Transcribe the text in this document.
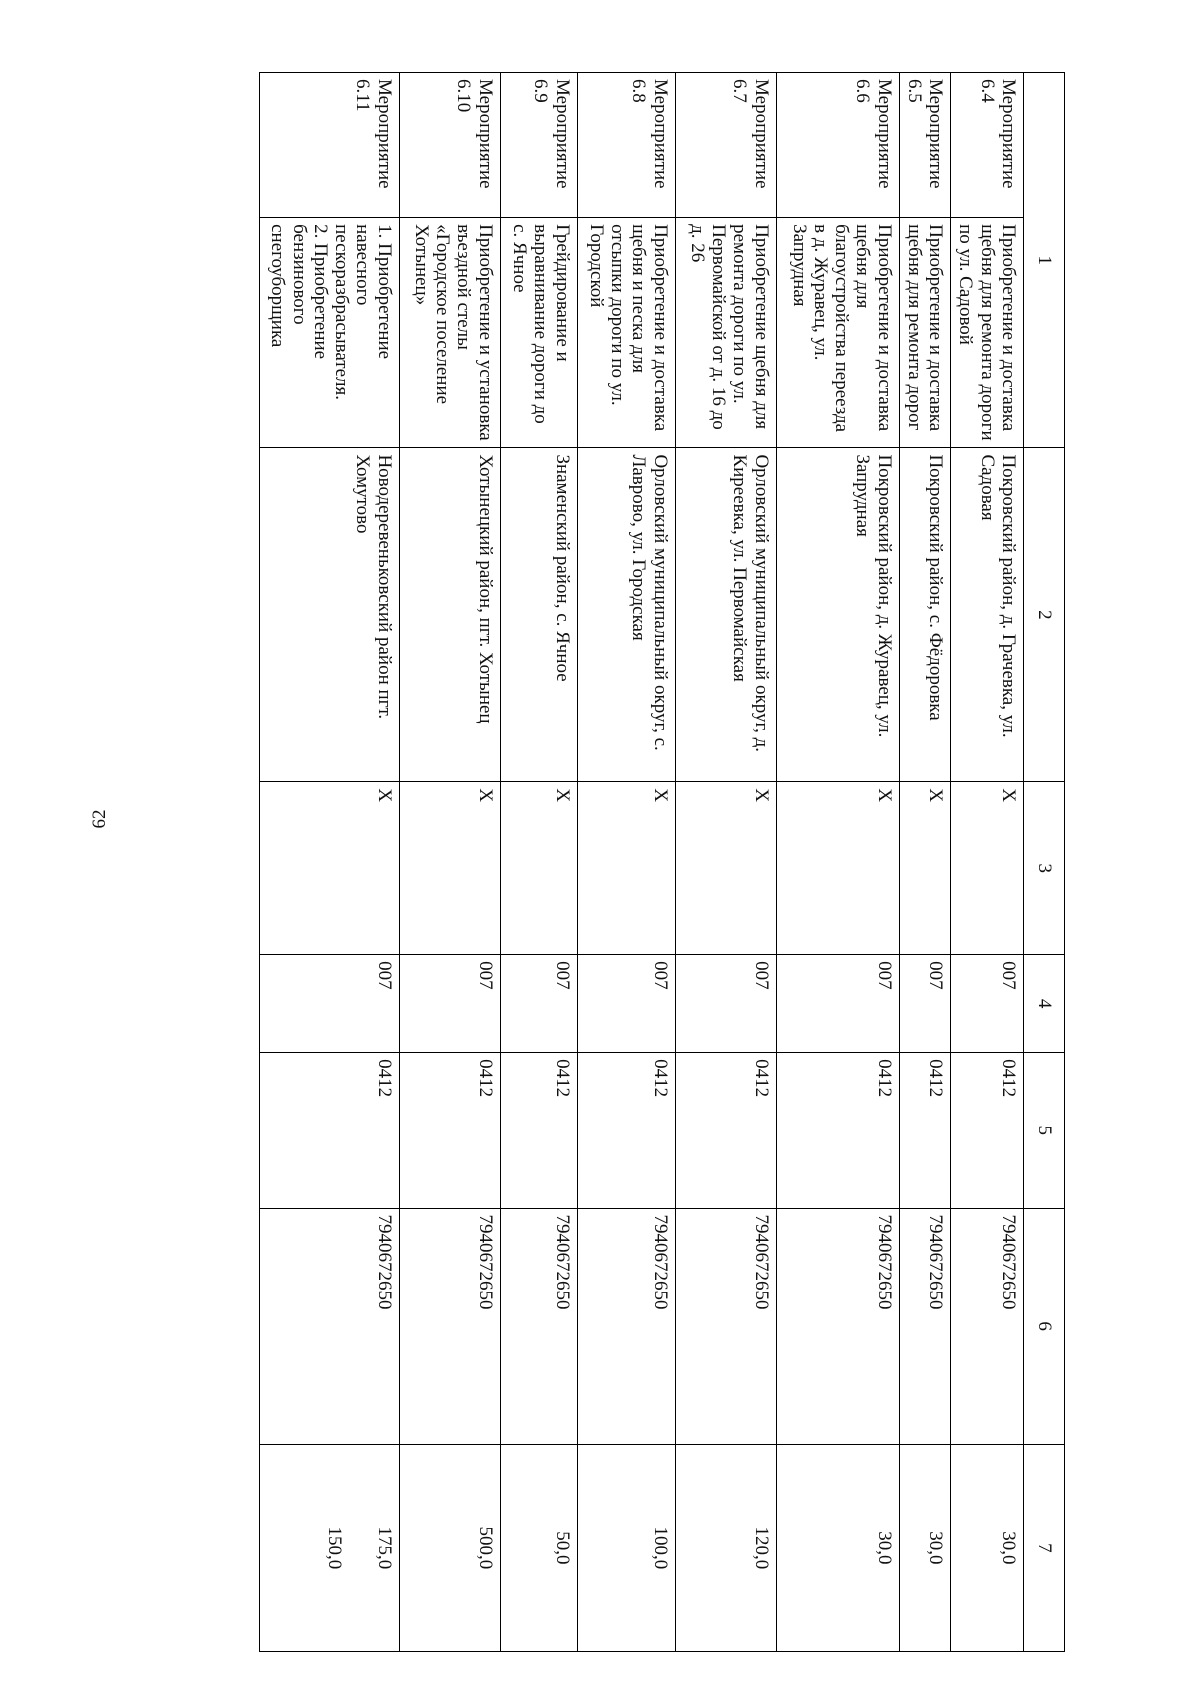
62
1		2	3	4	5	6	7
Мероприятие 6.4	Приобретение и доставка щебня для ремонта дороги по ул. Садовой	Покровский район, д. Грачевка, ул. Садовая	Х	007	0412	7940672650	30,0

Мероприятие 6.5	Приобретение и доставка щебня для ремонта дорог	Покровский район, с. Фёдоровка	Х	007	0412	7940672650	30,0

Мероприятие 6.6	Приобретение и доставка щебня для благоустройства переезда в д. Журавец, ул. Запрудная	Покровский район, д. Журавец, ул. Запрудная	Х	007	0412	7940672650	30,0

Мероприятие 6.7	Приобретение щебня для ремонта дороги по ул. Первомайской от д. 16 до д. 26	Орловский муниципальный округ, д. Киреевка, ул. Первомайская	Х	007	0412	7940672650	120,0

Мероприятие 6.8	Приобретение и доставка щебня и песка для отсыпки дороги по ул. Городской	Орловский муниципальный округ, с. Лаврово, ул. Городская	Х	007	0412	7940672650	100,0

Мероприятие 6.9	Грейдирование и выравнивание дороги до с. Ячное	Знаменский район, с. Ячное	Х	007	0412	7940672650	50,0

Мероприятие 6.10	Приобретение и установка въездной стелы «Городское поселение Хотынец»	Хотынецкий район, пгт. Хотынец	Х	007	0412	7940672650	500,0

Мероприятие 6.11	1. Приобретение навесного пескоразбрасывателя.
2. Приобретение бензинового снегоуборщика	Новодеревеньковский район пгт. Хомутово	Х	007	0412	7940672650	175,0
150,0
